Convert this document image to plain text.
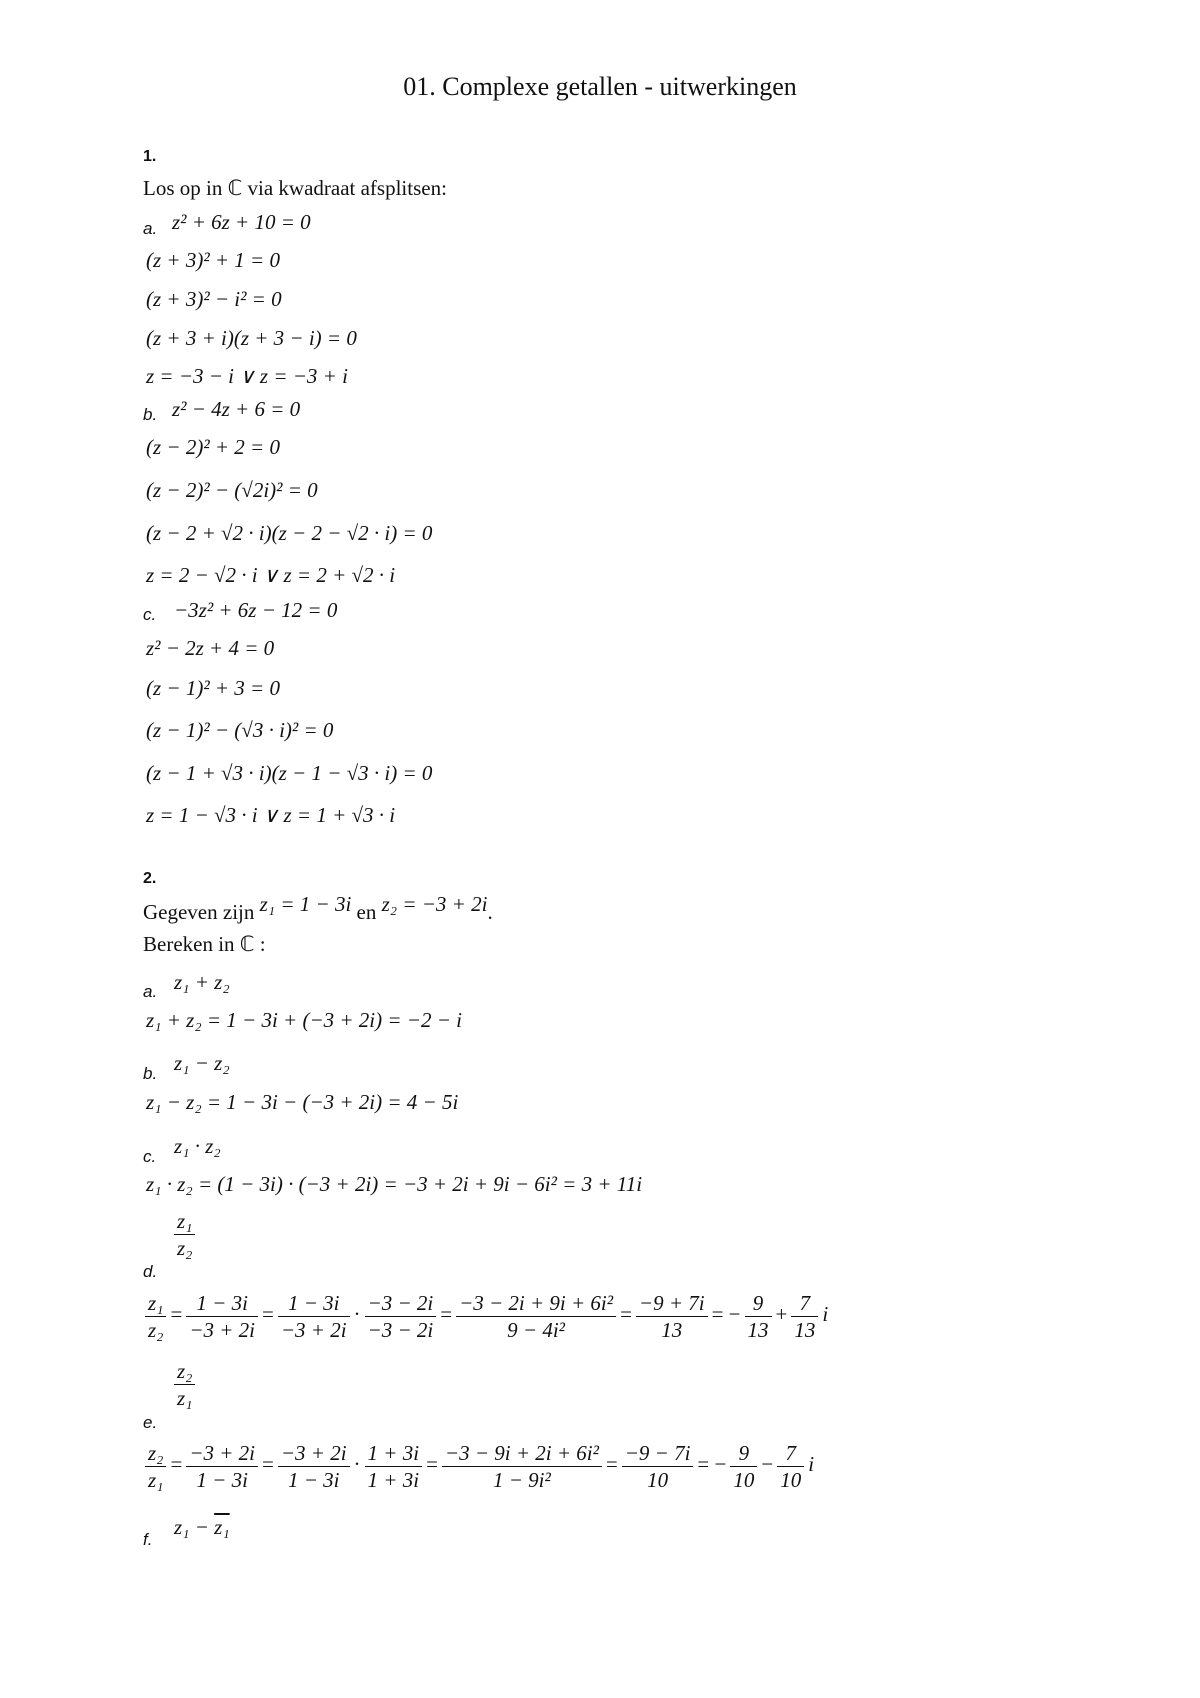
01. Complexe getallen - uitwerkingen
1.
Los op in ℂ via kwadraat afsplitsen:
a. z² + 6z + 10 = 0
(z + 3)² + 1 = 0
(z + 3)² − i² = 0
(z + 3 + i)(z + 3 − i) = 0
z = −3 − i ∨ z = −3 + i
b. z² − 4z + 6 = 0
(z − 2)² + 2 = 0
(z − 2)² − (√2i)² = 0
(z − 2 + √2 · i)(z − 2 − √2 · i) = 0
z = 2 − √2 · i ∨ z = 2 + √2 · i
c. −3z² + 6z − 12 = 0
z² − 2z + 4 = 0
(z − 1)² + 3 = 0
(z − 1)² − (√3 · i)² = 0
(z − 1 + √3 · i)(z − 1 − √3 · i) = 0
z = 1 − √3 · i ∨ z = 1 + √3 · i
2.
Gegeven zijn z₁ = 1 − 3i en z₂ = −3 + 2i.
Bereken in ℂ :
a. z₁ + z₂
z₁ + z₂ = 1 − 3i + (−3 + 2i) = −2 − i
b. z₁ − z₂
z₁ − z₂ = 1 − 3i − (−3 + 2i) = 4 − 5i
c. z₁ · z₂
z₁ · z₂ = (1 − 3i) · (−3 + 2i) = −3 + 2i + 9i − 6i² = 3 + 11i
d.
$\frac{\text{z₁}}{\text{z₂}}$
$\frac{\text{z₁}}{\text{z₂}} = \frac{1 - 3i}{-3 + 2i} = \frac{1 - 3i}{-3 + 2i} \cdot \frac{-3 - 2i}{-3 - 2i} = \frac{\text{−3 − 2i + 9i + 6i²}}{\text{9 − 4i²}} = \frac{-9 + 7i}{13}$ = − $\frac{9}{13} + \frac{7}{13}$ i
e.
$\frac{\text{z₂}}{\text{z₁}}$
$\frac{\text{z₂}}{\text{z₁}} = \frac{-3 + 2i}{1 - 3i} = \frac{-3 + 2i}{1 - 3i} \cdot \frac{1 + 3i}{1 + 3i} = \frac{\text{−3 − 9i + 2i + 6i²}}{\text{1 − 9i²}} = \frac{-9 - 7i}{10}$ = − $\frac{9}{10} - \frac{7}{10}$ i
f.
z₁ − z₁
